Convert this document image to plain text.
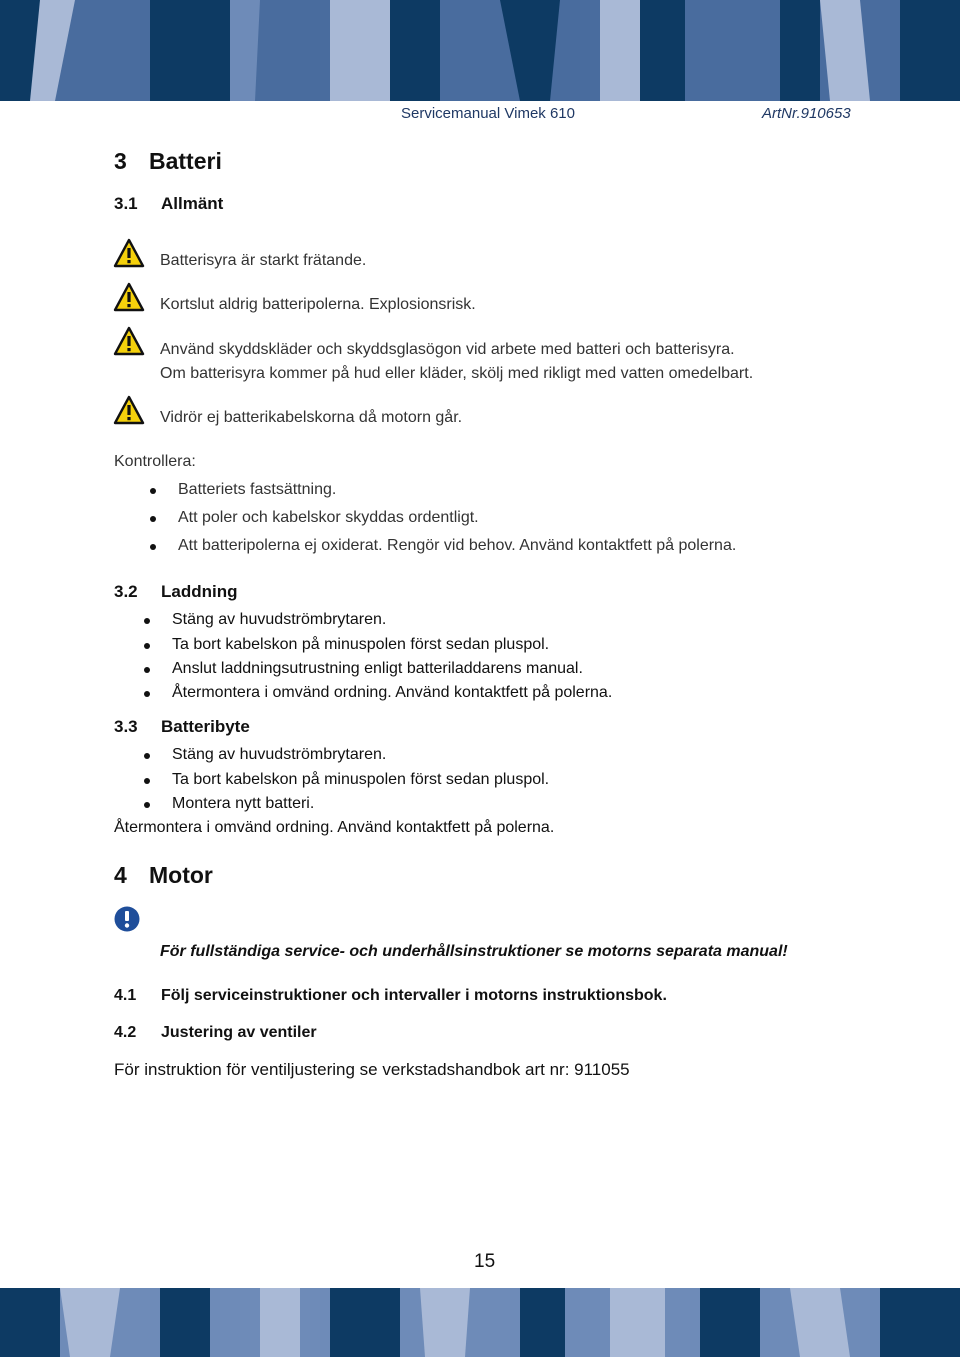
Servicemanual Vimek 610	ArtNr.910653
3 Batteri
3.1 Allmänt
Batterisyra är starkt frätande.
Kortslut aldrig batteripolerna. Explosionsrisk.
Använd skyddskläder och skyddsglasögon vid arbete med batteri och batterisyra.
Om batterisyra kommer på hud eller kläder, skölj med rikligt med vatten omedelbart.
Vidrör ej batterikabelskorna då motorn går.
Kontrollera:
Batteriets fastsättning.
Att poler och kabelskor skyddas ordentligt.
Att batteripolerna ej oxiderat. Rengör vid behov. Använd kontaktfett på polerna.
3.2 Laddning
Stäng av huvudströmbrytaren.
Ta bort kabelskon på minuspolen först sedan pluspol.
Anslut laddningsutrustning enligt batteriladdarens manual.
Återmontera i omvänd ordning. Använd kontaktfett på polerna.
3.3 Batteribyte
Stäng av huvudströmbrytaren.
Ta bort kabelskon på minuspolen först sedan pluspol.
Montera nytt batteri.
Återmontera i omvänd ordning. Använd kontaktfett på polerna.
4 Motor
För fullständiga service- och underhållsinstruktioner se motorns separata manual!
4.1 Följ serviceinstruktioner och intervaller i motorns instruktionsbok.
4.2 Justering av ventiler
För instruktion för ventiljustering se verkstadshandbok art nr: 911055
15
